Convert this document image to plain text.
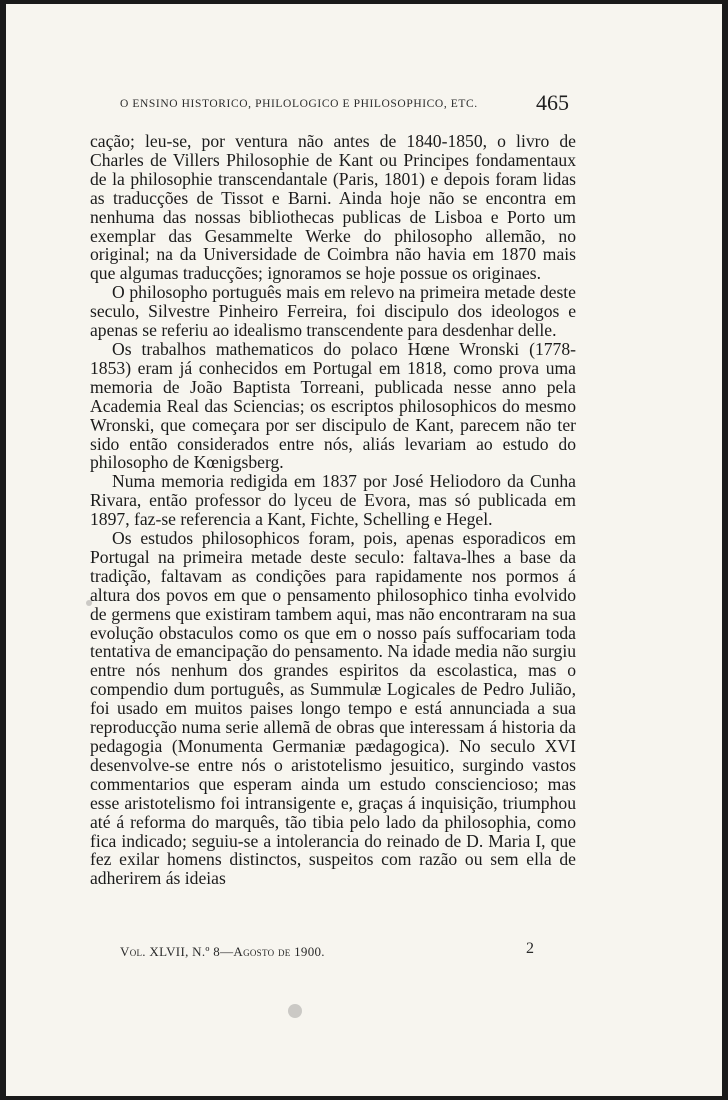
O ENSINO HISTORICO, PHILOLOGICO E PHILOSOPHICO, ETC.	465

cação; leu-se, por ventura não antes de 1840-1850, o livro de Charles de Villers Philosophie de Kant ou Principes fondamentaux de la philosophie transcendantale (Paris, 1801) e depois foram lidas as traducções de Tissot e Barni. Ainda hoje não se encontra em nenhuma das nossas bibliothecas publicas de Lisboa e Porto um exemplar das Gesammelte Werke do philosopho allemão, no original; na da Universidade de Coimbra não havia em 1870 mais que algumas traducções; ignoramos se hoje possue os originaes.

O philosopho português mais em relevo na primeira metade deste seculo, Silvestre Pinheiro Ferreira, foi discipulo dos ideologos e apenas se referiu ao idealismo transcendente para desdenhar delle.

Os trabalhos mathematicos do polaco Hœne Wronski (1778-1853) eram já conhecidos em Portugal em 1818, como prova uma memoria de João Baptista Torreani, publicada nesse anno pela Academia Real das Sciencias; os escriptos philosophicos do mesmo Wronski, que começara por ser discipulo de Kant, parecem não ter sido então considerados entre nós, aliás levariam ao estudo do philosopho de Kœnigsberg.

Numa memoria redigida em 1837 por José Heliodoro da Cunha Rivara, então professor do lyceu de Evora, mas só publicada em 1897, faz-se referencia a Kant, Fichte, Schelling e Hegel.

Os estudos philosophicos foram, pois, apenas esporadicos em Portugal na primeira metade deste seculo: faltava-lhes a base da tradição, faltavam as condições para rapidamente nos pormos á altura dos povos em que o pensamento philosophico tinha evolvido de germens que existiram tambem aqui, mas não encontraram na sua evolução obstaculos como os que em o nosso país suffocariam toda tentativa de emancipação do pensamento. Na idade media não surgiu entre nós nenhum dos grandes espiritos da escolastica, mas o compendio dum português, as Summulæ Logicales de Pedro Julião, foi usado em muitos paises longo tempo e está annunciada a sua reproducção numa serie allemã de obras que interessam á historia da pedagogia (Monumenta Germaniæ pædagogica). No seculo XVI desenvolve-se entre nós o aristotelismo jesuitico, surgindo vastos commentarios que esperam ainda um estudo consciencioso; mas esse aristotelismo foi intransigente e, graças á inquisição, triumphou até á reforma do marquês, tão tibia pelo lado da philosophia, como fica indicado; seguiu-se a intolerancia do reinado de D. Maria I, que fez exilar homens distinctos, suspeitos com razão ou sem ella de adherirem ás ideias

Vol. XLVII, N.º 8—Agosto de 1900.	2
